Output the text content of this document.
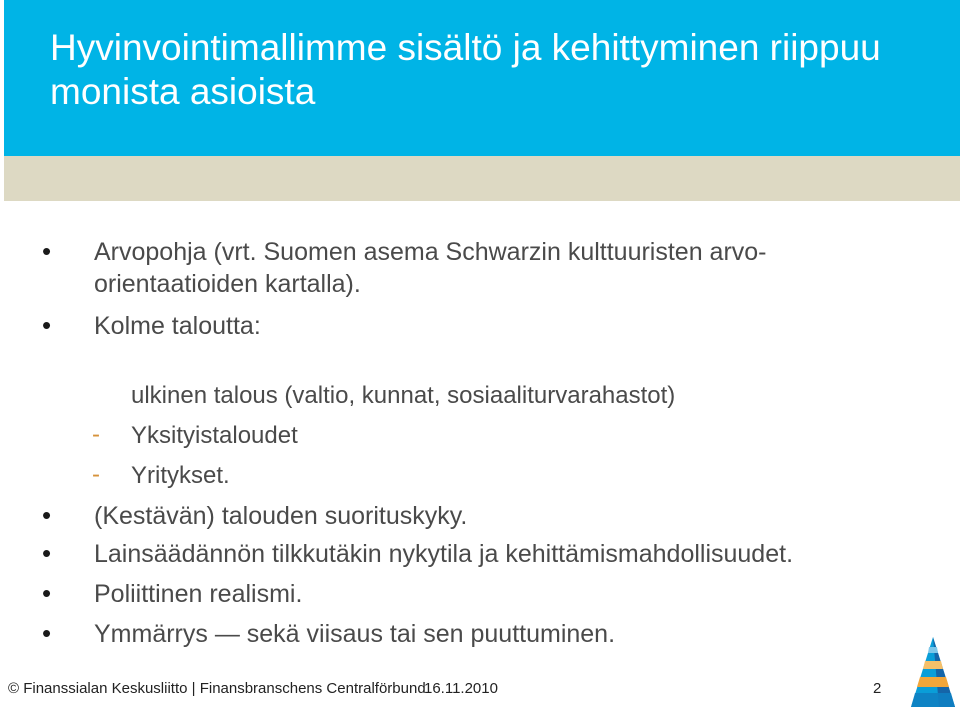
Hyvinvointimallimme sisältö ja kehittyminen riippuu monista asioista
• Arvopohja (vrt. Suomen asema Schwarzin kulttuuristen arvo-
orientaatioiden kartalla).
• Kolme taloutta:
ulkinen talous (valtio, kunnat, sosiaaliturvarahastot)
- Yksityistaloudet
- Yritykset.
• (Kestävän) talouden suorituskyky.
• Lainsäädännön tilkkutäkin nykytila ja kehittämismahdollisuudet.
• Poliittinen realismi.
• Ymmärrys — sekä viisaus tai sen puuttuminen.
© Finanssialan Keskusliitto | Finansbranschens Centralförbund
16.11.2010	2
